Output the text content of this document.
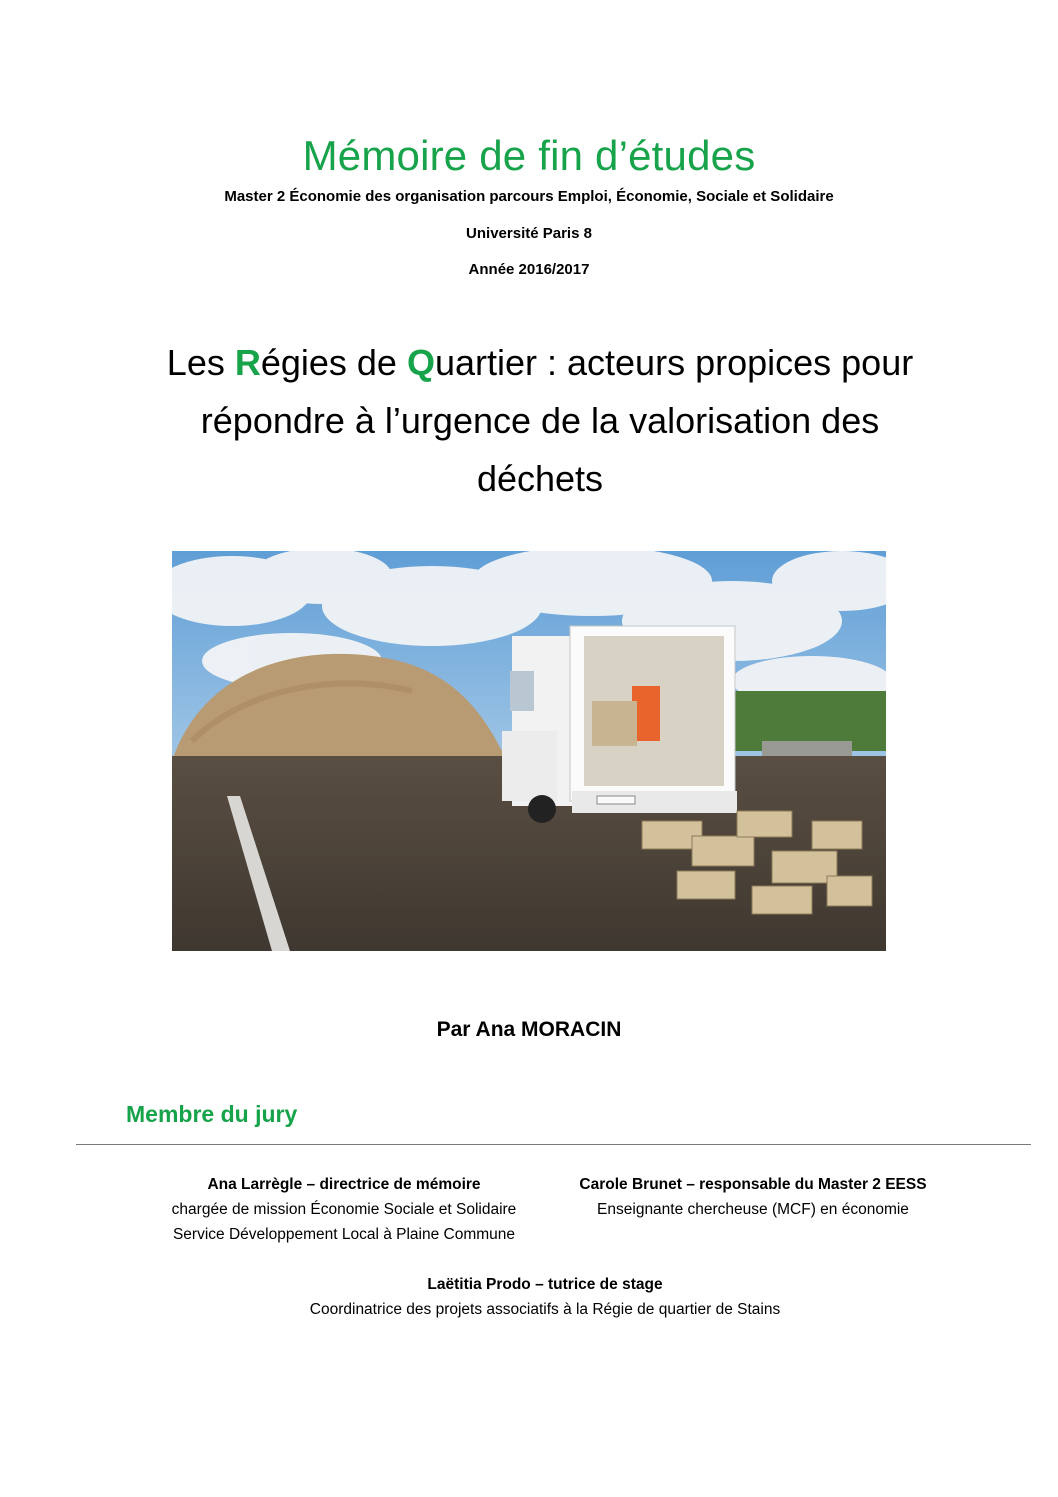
Mémoire de fin d’études
Master 2 Économie des organisation parcours Emploi, Économie, Sociale et Solidaire
Université Paris 8
Année 2016/2017
Les Régies de Quartier : acteurs propices pour
répondre à l’urgence de la valorisation des
déchets
Par Ana MORACIN
Membre du jury
Ana Larrègle – directrice de mémoire
chargée de mission Économie Sociale et Solidaire
Service Développement Local à Plaine Commune
Carole Brunet – responsable du Master 2 EESS
Enseignante chercheuse (MCF) en économie
Laëtitia Prodo – tutrice de stage
Coordinatrice des projets associatifs à la Régie de quartier de Stains
